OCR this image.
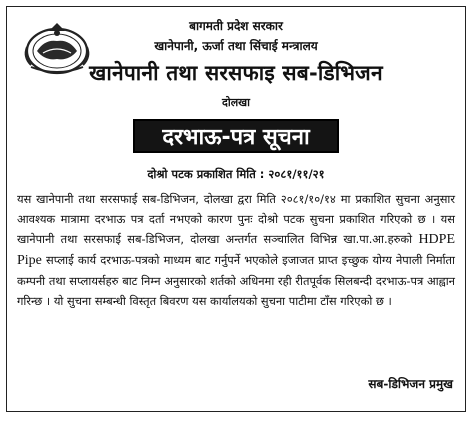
बागमती प्रदेश सरकार
खानेपानी, ऊर्जा तथा सिंचाई मन्त्रालय
खानेपानी तथा सरसफाइ सब-डिभिजन
दोलखा
दरभाऊ-पत्र सूचना
दोश्रो पटक प्रकाशित मिति : २०८१/११/२१
यस खानेपानी तथा सरसफाई सब-डिभिजन, दोलखा द्वरा मिति २०८१/१०/१४ मा प्रकाशित सुचना अनुसार आवश्यक मात्रामा दरभाऊ पत्र दर्ता नभएको कारण पुनः दोश्रो पटक सुचना प्रकाशित गरिएको छ । यस खानेपानी तथा सरसफाई सब-डिभिजन, दोलखा अन्तर्गत सञ्चालित विभिन्न खा.पा.आ.हरुको HDPE Pipe सप्लाई कार्य दरभाऊ-पत्रको माध्यम बाट गर्नुपर्ने भएकोले इजाजत प्राप्त इच्छुक योग्य नेपाली निर्माता कम्पनी तथा सप्लायर्सहरु बाट निम्न अनुसारको शर्तको अधिनमा रही रीतपूर्वक सिलबन्दी दरभाऊ-पत्र आह्वान गरिन्छ । यो सुचना सम्बन्धी विस्तृत बिवरण यस कार्यालयको सुचना पाटीमा टाँस गरिएको छ ।
सब-डिभिजन प्रमुख
